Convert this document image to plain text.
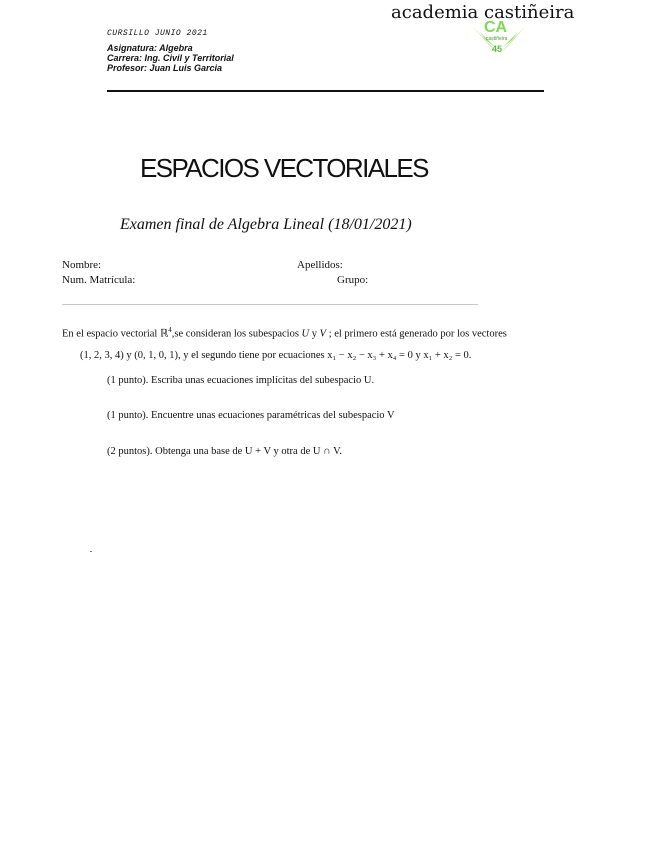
CURSILLO JUNIO 2021
Asignatura: Algebra
Carrera: Ing. Civil y Territorial
Profesor: Juan Luis Garcia
CA
castiñeira
45
academia castiñeira
ESPACIOS VECTORIALES
Examen final de Algebra Lineal (18/01/2021)
Nombre:	Apellidos:
Num. Matrícula:	Grupo:
En el espacio vectorial ℝ$^4$,se consideran los subespacios U y V ; el primero está generado por los vectores
(1, 2, 3, 4) y (0, 1, 0, 1), y el segundo tiene por ecuaciones x₁ − x₂ − x₃ + x₄ = 0 y x₁ + x₂ = 0.
(1 punto). Escriba unas ecuaciones implícitas del subespacio U.
(1 punto). Encuentre unas ecuaciones paramétricas del subespacio V
(2 puntos). Obtenga una base de U + V y otra de U ∩ V.
